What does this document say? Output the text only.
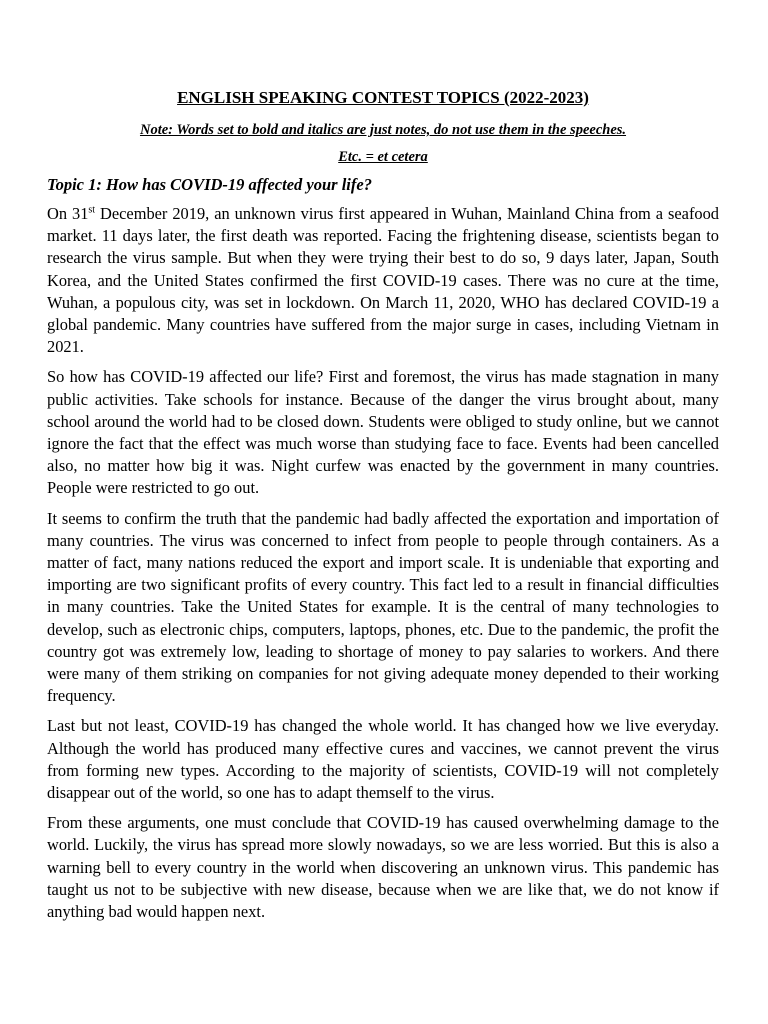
ENGLISH SPEAKING CONTEST TOPICS (2022-2023)

Note: Words set to bold and italics are just notes, do not use them in the speeches.

Etc. = et cetera

Topic 1: How has COVID-19 affected your life?

On 31st December 2019, an unknown virus first appeared in Wuhan, Mainland China from a seafood market. 11 days later, the first death was reported. Facing the frightening disease, scientists began to research the virus sample. But when they were trying their best to do so, 9 days later, Japan, South Korea, and the United States confirmed the first COVID-19 cases. There was no cure at the time, Wuhan, a populous city, was set in lockdown. On March 11, 2020, WHO has declared COVID-19 a global pandemic. Many countries have suffered from the major surge in cases, including Vietnam in 2021.

So how has COVID-19 affected our life? First and foremost, the virus has made stagnation in many public activities. Take schools for instance. Because of the danger the virus brought about, many school around the world had to be closed down. Students were obliged to study online, but we cannot ignore the fact that the effect was much worse than studying face to face. Events had been cancelled also, no matter how big it was. Night curfew was enacted by the government in many countries. People were restricted to go out.

It seems to confirm the truth that the pandemic had badly affected the exportation and importation of many countries. The virus was concerned to infect from people to people through containers. As a matter of fact, many nations reduced the export and import scale. It is undeniable that exporting and importing are two significant profits of every country. This fact led to a result in financial difficulties in many countries. Take the United States for example. It is the central of many technologies to develop, such as electronic chips, computers, laptops, phones, etc. Due to the pandemic, the profit the country got was extremely low, leading to shortage of money to pay salaries to workers. And there were many of them striking on companies for not giving adequate money depended to their working frequency.

Last but not least, COVID-19 has changed the whole world. It has changed how we live everyday. Although the world has produced many effective cures and vaccines, we cannot prevent the virus from forming new types. According to the majority of scientists, COVID-19 will not completely disappear out of the world, so one has to adapt themself to the virus.

From these arguments, one must conclude that COVID-19 has caused overwhelming damage to the world. Luckily, the virus has spread more slowly nowadays, so we are less worried. But this is also a warning bell to every country in the world when discovering an unknown virus. This pandemic has taught us not to be subjective with new disease, because when we are like that, we do not know if anything bad would happen next.
